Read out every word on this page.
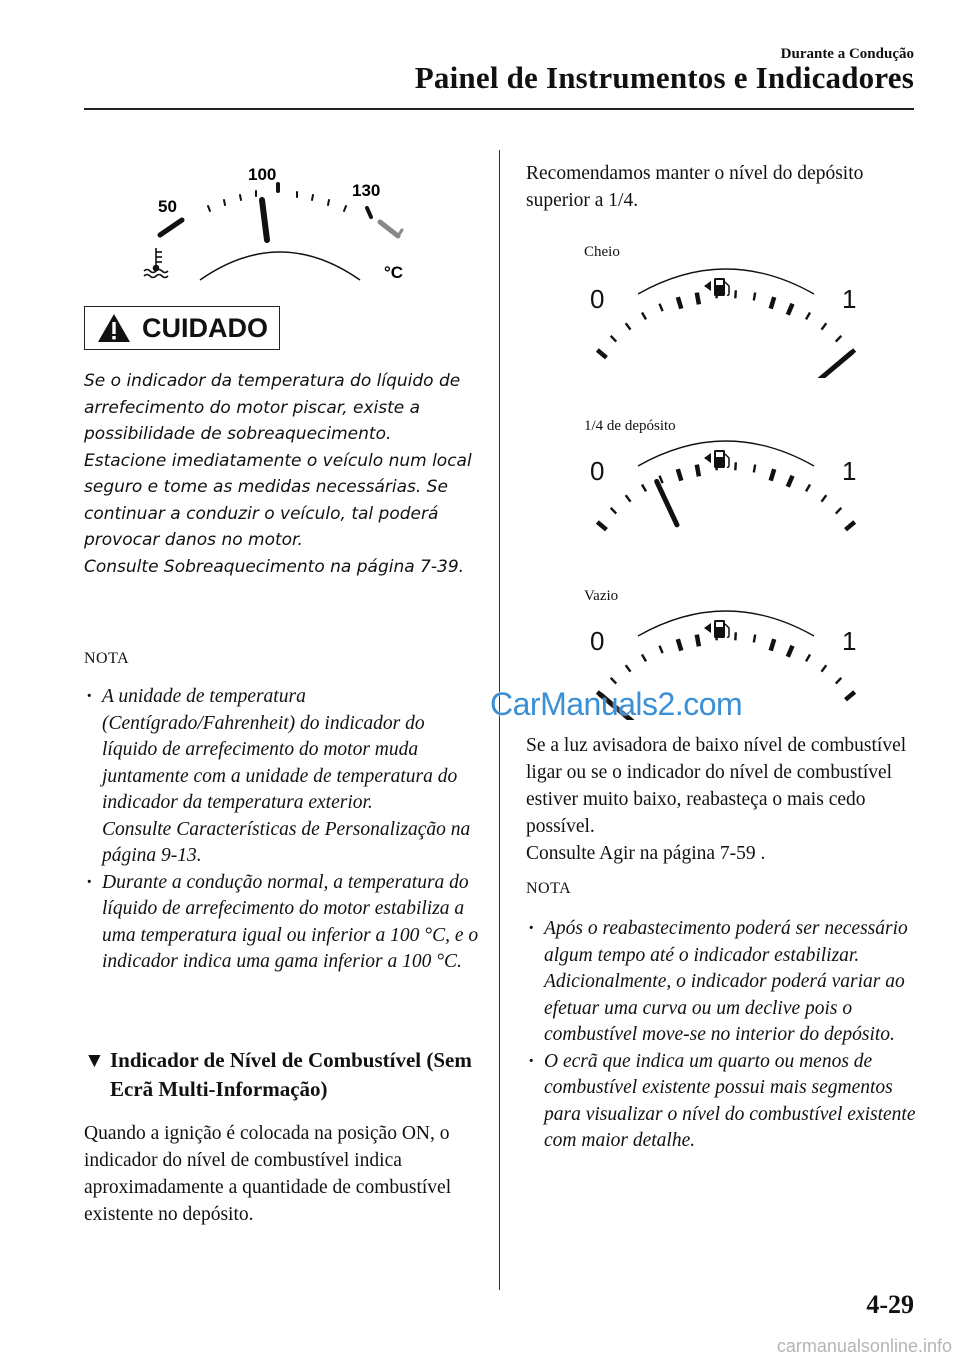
Durante a Condução
Painel de Instrumentos e Indicadores
50
100
130
°C
CUIDADO
Se o indicador da temperatura do líquido de arrefecimento do motor piscar, existe a possibilidade de sobreaquecimento. Estacione imediatamente o veículo num local seguro e tome as medidas necessárias. Se continuar a conduzir o veículo, tal poderá provocar danos no motor.
Consulte Sobreaquecimento na página 7-39.
NOTA
· A unidade de temperatura (Centígrado/Fahrenheit) do indicador do líquido de arrefecimento do motor muda juntamente com a unidade de temperatura do indicador da temperatura exterior.
Consulte Características de Personalização na página 9-13.
· Durante a condução normal, a temperatura do líquido de arrefecimento do motor estabiliza a uma temperatura igual ou inferior a 100 °C, e o indicador indica uma gama inferior a 100 °C.
▼ Indicador de Nível de Combustível (Sem Ecrã Multi-Informação)
Quando a ignição é colocada na posição ON, o indicador do nível de combustível indica aproximadamente a quantidade de combustível existente no depósito.
Recomendamos manter o nível do depósito superior a 1/4.
Cheio
0	1
1/4 de depósito
0	1
Vazio
0	1
CarManuals2.com
Se a luz avisadora de baixo nível de combustível ligar ou se o indicador do nível de combustível estiver muito baixo, reabasteça o mais cedo possível.
Consulte Agir na página 7-59 .
NOTA
· Após o reabastecimento poderá ser necessário algum tempo até o indicador estabilizar. Adicionalmente, o indicador poderá variar ao efetuar uma curva ou um declive pois o combustível move-se no interior do depósito.
· O ecrã que indica um quarto ou menos de combustível existente possui mais segmentos para visualizar o nível do combustível existente com maior detalhe.
4-29
carmanualsonline.info
